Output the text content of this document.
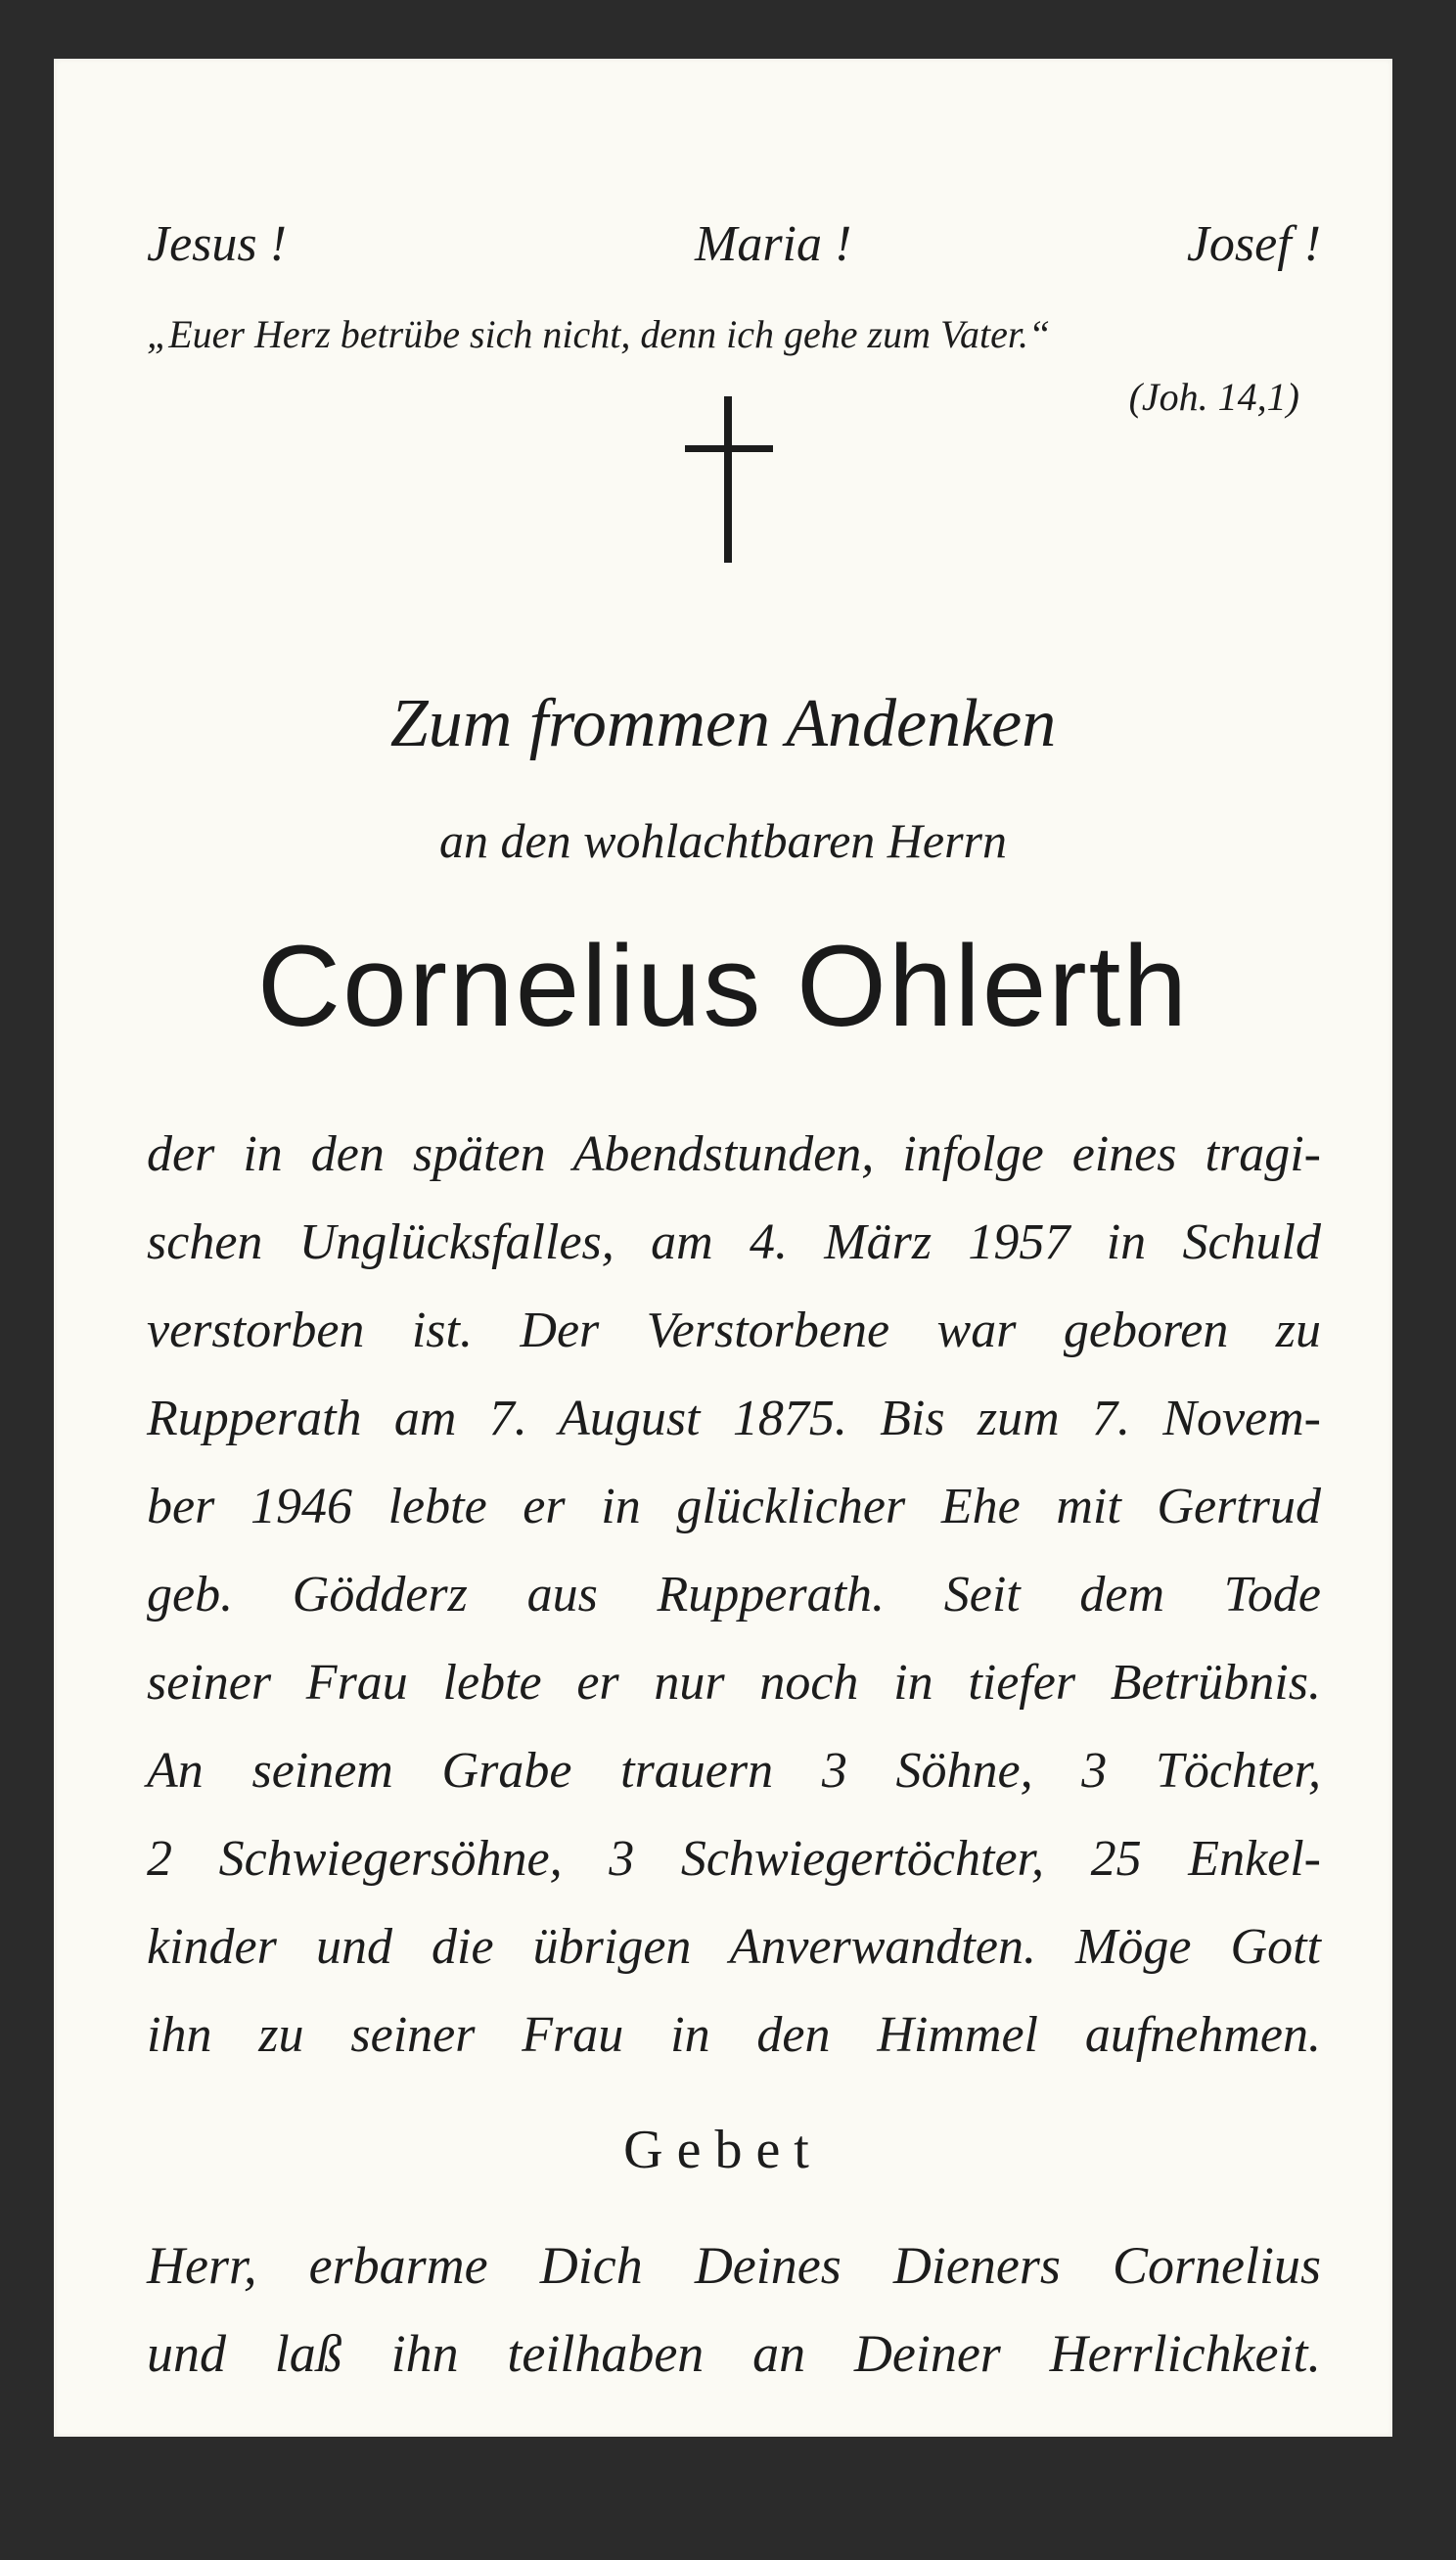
Jesus !	Maria !	Josef !
„Euer Herz betrübe sich nicht, denn ich gehe zum Vater.“
(Joh. 14,1)
Zum frommen Andenken
an den wohlachtbaren Herrn
Cornelius Ohlerth
der in den späten Abendstunden, infolge eines tragi-
schen Unglücksfalles, am 4. März 1957 in Schuld
verstorben ist. Der Verstorbene war geboren zu
Rupperath am 7. August 1875. Bis zum 7. Novem-
ber 1946 lebte er in glücklicher Ehe mit Gertrud
geb. Gödderz aus Rupperath. Seit dem Tode
seiner Frau lebte er nur noch in tiefer Betrübnis.
An seinem Grabe trauern 3 Söhne, 3 Töchter,
2 Schwiegersöhne, 3 Schwiegertöchter, 25 Enkel-
kinder und die übrigen Anverwandten. Möge Gott
ihn zu seiner Frau in den Himmel aufnehmen.
Gebet
Herr, erbarme Dich Deines Dieners Cornelius
und laß ihn teilhaben an Deiner Herrlichkeit.
